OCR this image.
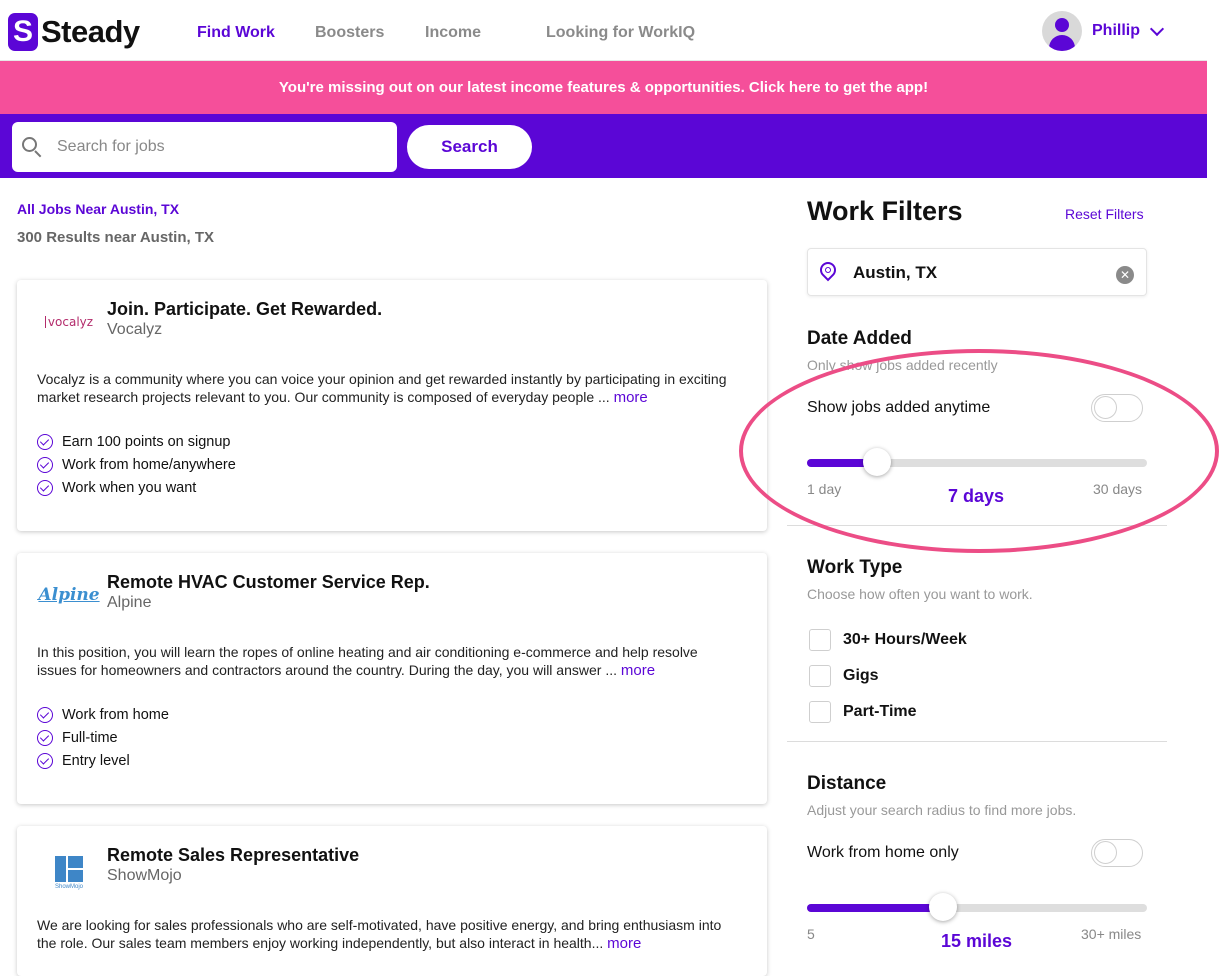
S Steady	Find Work	Boosters	Income	Looking for WorkIQ	Phillip
You're missing out on our latest income features & opportunities. Click here to get the app!
Search for jobs
Search
All Jobs Near Austin, TX
300 Results near Austin, TX
vocalyz
Join. Participate. Get Rewarded.
Vocalyz
Vocalyz is a community where you can voice your opinion and get rewarded instantly by participating in exciting market research projects relevant to you. Our community is composed of everyday people ... more
Earn 100 points on signup
Work from home/anywhere
Work when you want
Alpine
Remote HVAC Customer Service Rep.
Alpine
In this position, you will learn the ropes of online heating and air conditioning e-commerce and help resolve issues for homeowners and contractors around the country. During the day, you will answer ... more
Work from home
Full-time
Entry level
ShowMojo
Remote Sales Representative
ShowMojo
We are looking for sales professionals who are self-motivated, have positive energy, and bring enthusiasm into the role. Our sales team members enjoy working independently, but also interact in health... more
Work Filters	Reset Filters
Austin, TX	✕
Date Added
Only show jobs added recently
Show jobs added anytime
1 day	7 days	30 days
Work Type
Choose how often you want to work.
30+ Hours/Week
Gigs
Part-Time
Distance
Adjust your search radius to find more jobs.
Work from home only
5	15 miles	30+ miles
